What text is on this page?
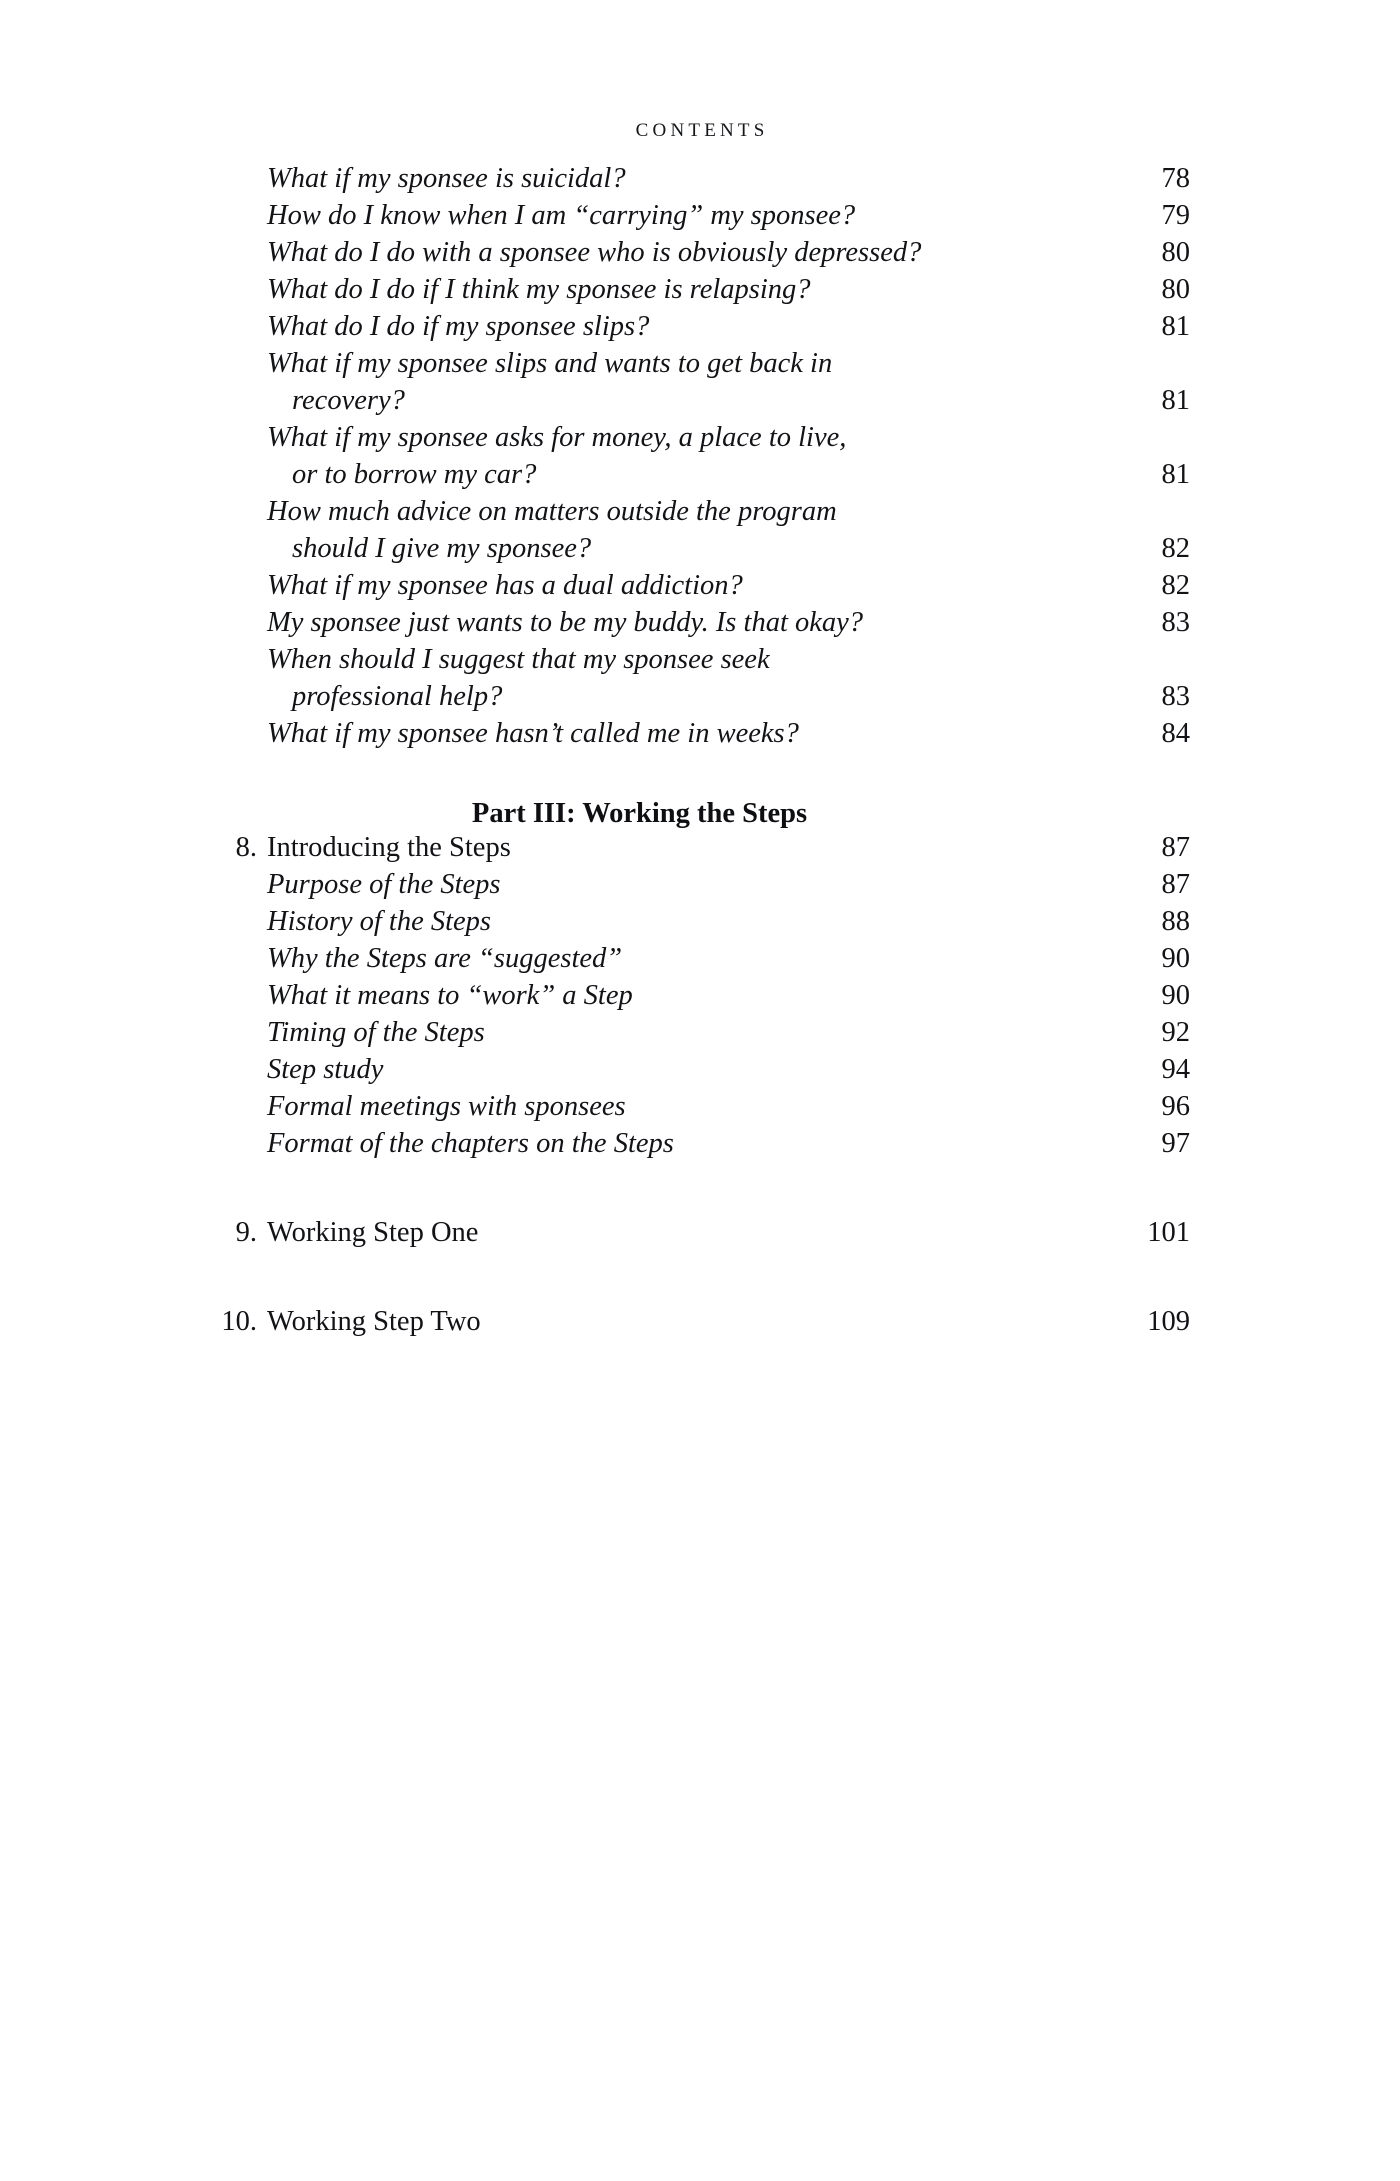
CONTENTS
What if my sponsee is suicidal?	78
How do I know when I am “carrying” my sponsee?	79
What do I do with a sponsee who is obviously depressed?	80
What do I do if I think my sponsee is relapsing?	80
What do I do if my sponsee slips?	81
What if my sponsee slips and wants to get back in
recovery?	81
What if my sponsee asks for money, a place to live,
or to borrow my car?	81
How much advice on matters outside the program
should I give my sponsee?	82
What if my sponsee has a dual addiction?	82
My sponsee just wants to be my buddy. Is that okay?	83
When should I suggest that my sponsee seek
professional help?	83
What if my sponsee hasn’t called me in weeks?	84
Part III: Working the Steps
8. Introducing the Steps	87
Purpose of the Steps	87
History of the Steps	88
Why the Steps are “suggested”	90
What it means to “work” a Step	90
Timing of the Steps	92
Step study	94
Formal meetings with sponsees	96
Format of the chapters on the Steps	97
9. Working Step One	101
10. Working Step Two	109
